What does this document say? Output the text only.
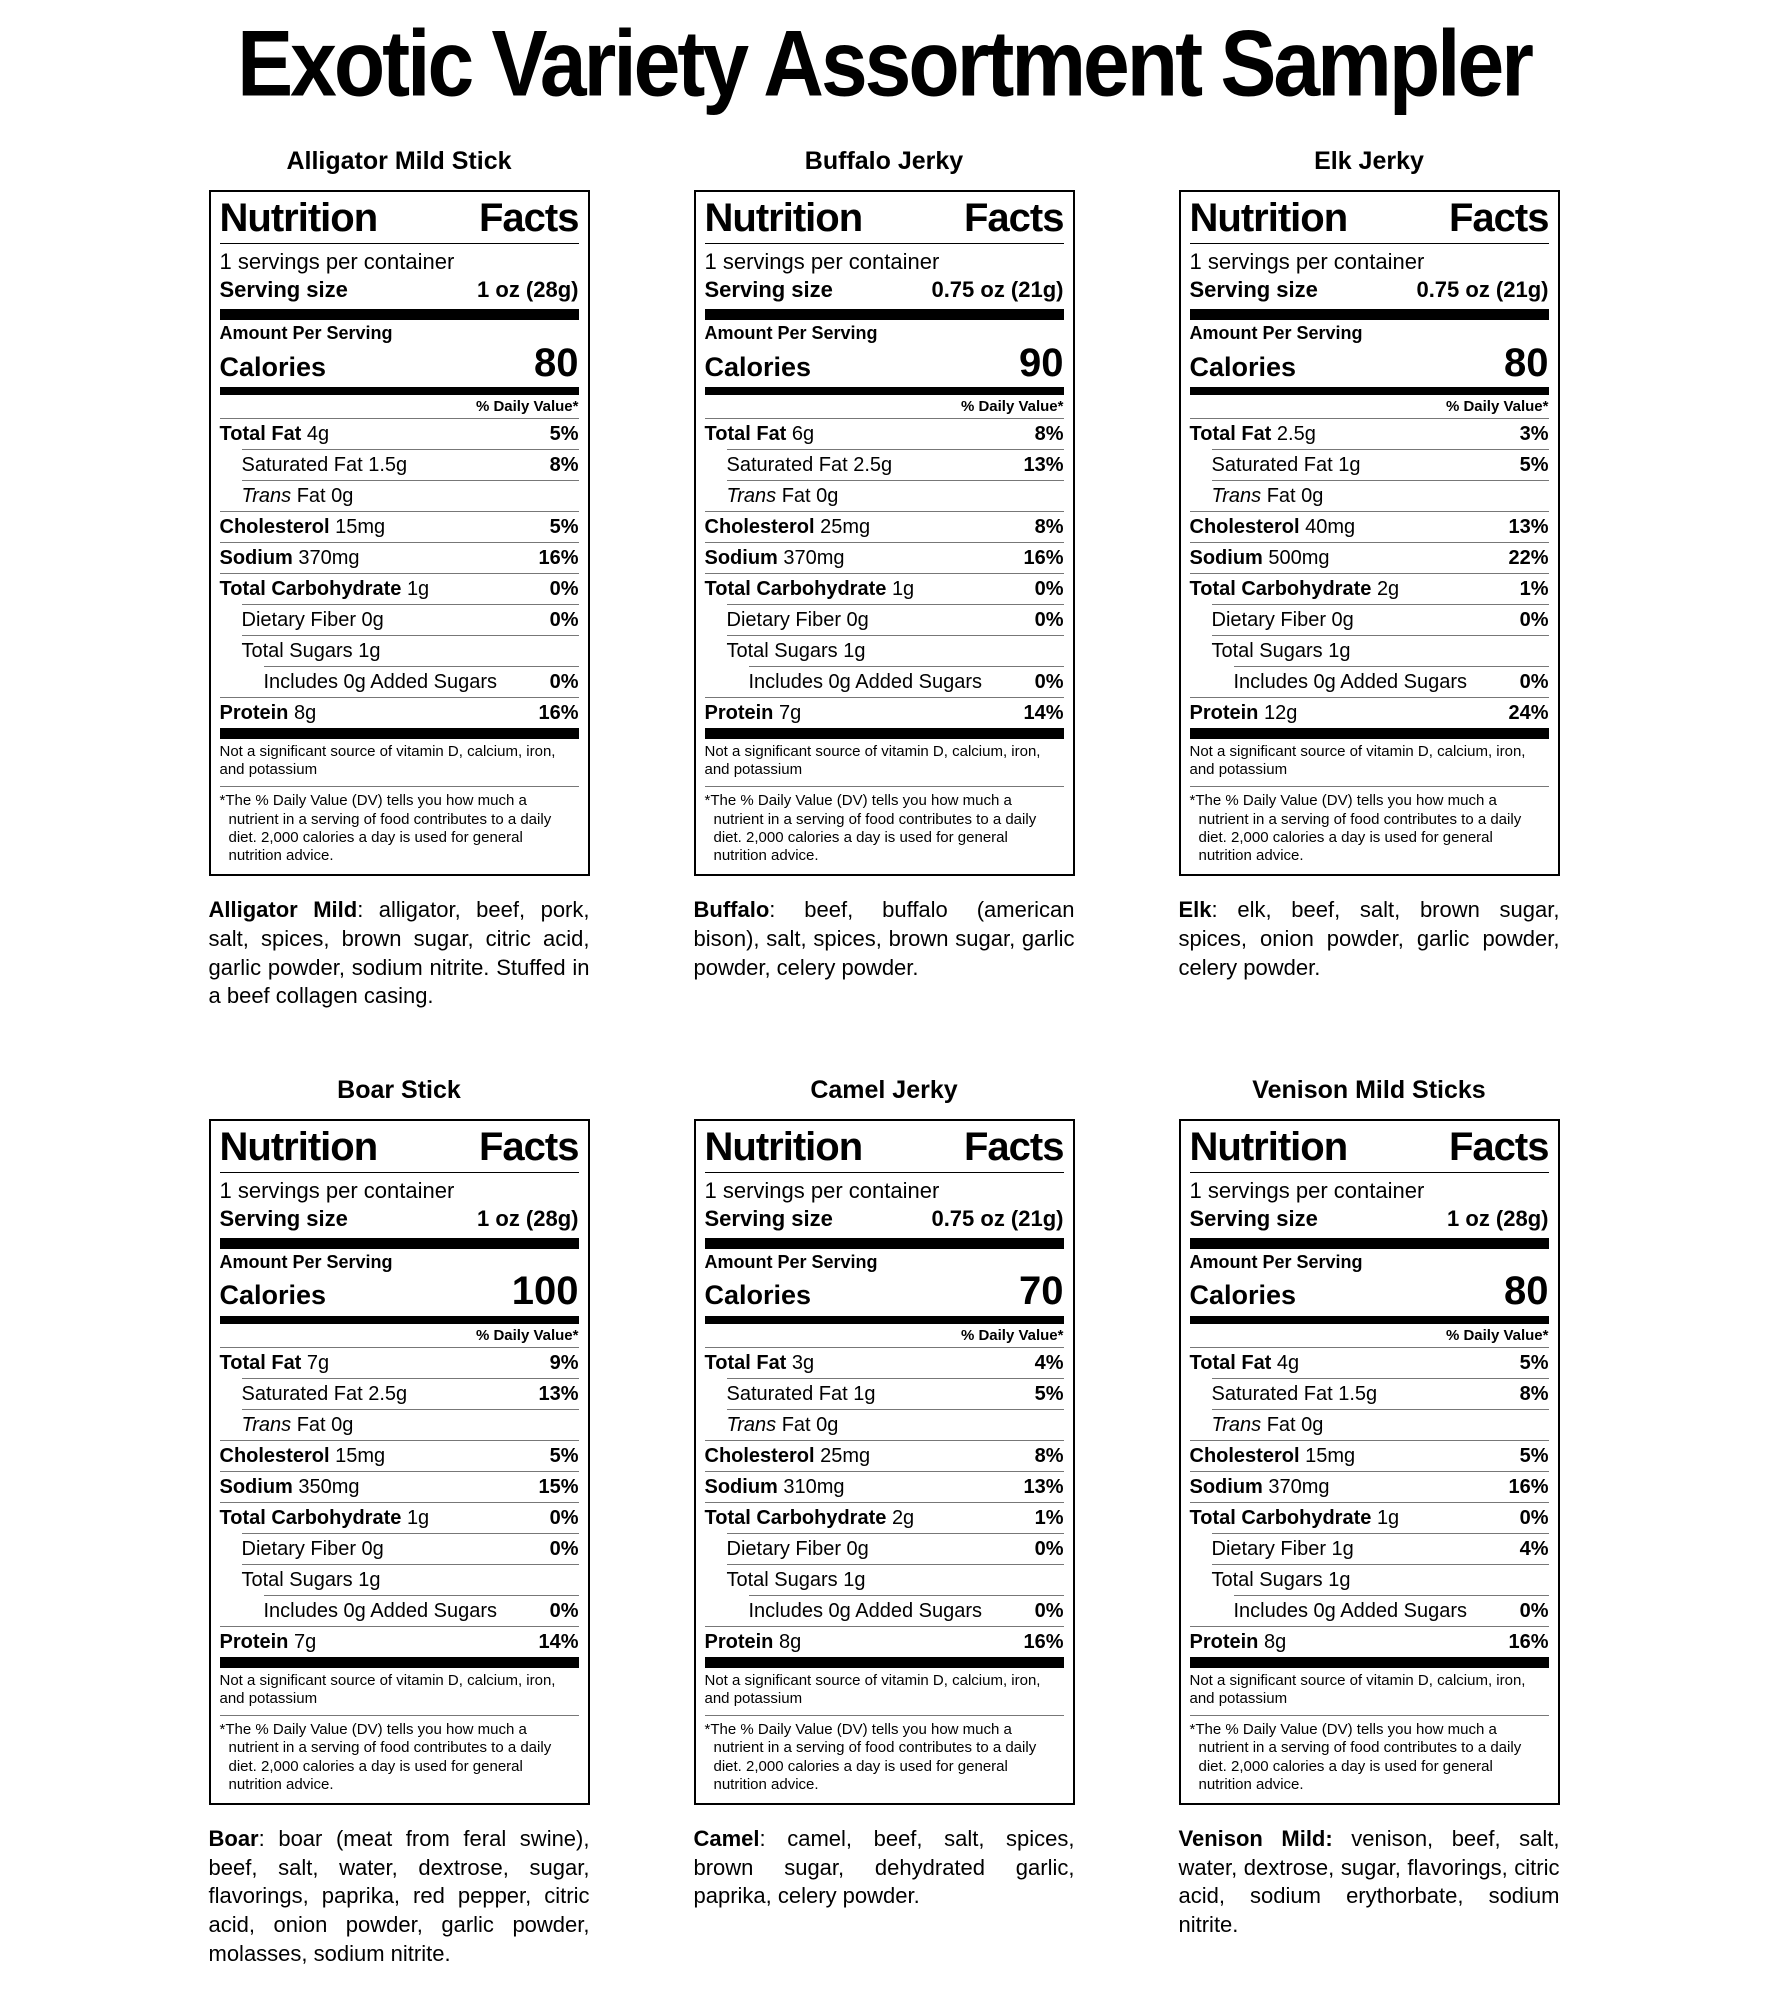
Exotic Variety Assortment Sampler
Alligator Mild Stick
Nutrition Facts
1 servings per container
Serving size	1 oz (28g)
Amount Per Serving
Calories	80
% Daily Value*
Total Fat 4g	5%
Saturated Fat 1.5g	8%
Trans Fat 0g
Cholesterol 15mg	5%
Sodium 370mg	16%
Total Carbohydrate 1g	0%
Dietary Fiber 0g	0%
Total Sugars 1g
Includes 0g Added Sugars	0%
Protein 8g	16%
Not a significant source of vitamin D, calcium, iron, and potassium
*The % Daily Value (DV) tells you how much a nutrient in a serving of food contributes to a daily diet. 2,000 calories a day is used for general nutrition advice.

Alligator Mild: alligator, beef, pork, salt, spices, brown sugar, citric acid, garlic powder, sodium nitrite. Stuffed in a beef collagen casing.

Buffalo Jerky
Nutrition Facts
1 servings per container
Serving size	0.75 oz (21g)
Amount Per Serving
Calories	90
% Daily Value*
Total Fat 6g	8%
Saturated Fat 2.5g	13%
Trans Fat 0g
Cholesterol 25mg	8%
Sodium 370mg	16%
Total Carbohydrate 1g	0%
Dietary Fiber 0g	0%
Total Sugars 1g
Includes 0g Added Sugars	0%
Protein 7g	14%
Not a significant source of vitamin D, calcium, iron, and potassium
*The % Daily Value (DV) tells you how much a nutrient in a serving of food contributes to a daily diet. 2,000 calories a day is used for general nutrition advice.

Buffalo: beef, buffalo (american bison), salt, spices, brown sugar, garlic powder, celery powder.

Elk Jerky
Nutrition Facts
1 servings per container
Serving size	0.75 oz (21g)
Amount Per Serving
Calories	80
% Daily Value*
Total Fat 2.5g	3%
Saturated Fat 1g	5%
Trans Fat 0g
Cholesterol 40mg	13%
Sodium 500mg	22%
Total Carbohydrate 2g	1%
Dietary Fiber 0g	0%
Total Sugars 1g
Includes 0g Added Sugars	0%
Protein 12g	24%
Not a significant source of vitamin D, calcium, iron, and potassium
*The % Daily Value (DV) tells you how much a nutrient in a serving of food contributes to a daily diet. 2,000 calories a day is used for general nutrition advice.

Elk: elk, beef, salt, brown sugar, spices, onion powder, garlic powder, celery powder.

Boar Stick
Nutrition Facts
1 servings per container
Serving size	1 oz (28g)
Amount Per Serving
Calories	100
% Daily Value*
Total Fat 7g	9%
Saturated Fat 2.5g	13%
Trans Fat 0g
Cholesterol 15mg	5%
Sodium 350mg	15%
Total Carbohydrate 1g	0%
Dietary Fiber 0g	0%
Total Sugars 1g
Includes 0g Added Sugars	0%
Protein 7g	14%
Not a significant source of vitamin D, calcium, iron, and potassium
*The % Daily Value (DV) tells you how much a nutrient in a serving of food contributes to a daily diet. 2,000 calories a day is used for general nutrition advice.

Boar: boar (meat from feral swine), beef, salt, water, dextrose, sugar, flavorings, paprika, red pepper, citric acid, onion powder, garlic powder, molasses, sodium nitrite.

Camel Jerky
Nutrition Facts
1 servings per container
Serving size	0.75 oz (21g)
Amount Per Serving
Calories	70
% Daily Value*
Total Fat 3g	4%
Saturated Fat 1g	5%
Trans Fat 0g
Cholesterol 25mg	8%
Sodium 310mg	13%
Total Carbohydrate 2g	1%
Dietary Fiber 0g	0%
Total Sugars 1g
Includes 0g Added Sugars	0%
Protein 8g	16%
Not a significant source of vitamin D, calcium, iron, and potassium
*The % Daily Value (DV) tells you how much a nutrient in a serving of food contributes to a daily diet. 2,000 calories a day is used for general nutrition advice.

Camel: camel, beef, salt, spices, brown sugar, dehydrated garlic, paprika, celery powder.

Venison Mild Sticks
Nutrition Facts
1 servings per container
Serving size	1 oz (28g)
Amount Per Serving
Calories	80
% Daily Value*
Total Fat 4g	5%
Saturated Fat 1.5g	8%
Trans Fat 0g
Cholesterol 15mg	5%
Sodium 370mg	16%
Total Carbohydrate 1g	0%
Dietary Fiber 1g	4%
Total Sugars 1g
Includes 0g Added Sugars	0%
Protein 8g	16%
Not a significant source of vitamin D, calcium, iron, and potassium
*The % Daily Value (DV) tells you how much a nutrient in a serving of food contributes to a daily diet. 2,000 calories a day is used for general nutrition advice.

Venison Mild: venison, beef, salt, water, dextrose, sugar, flavorings, citric acid, sodium erythorbate, sodium nitrite.
